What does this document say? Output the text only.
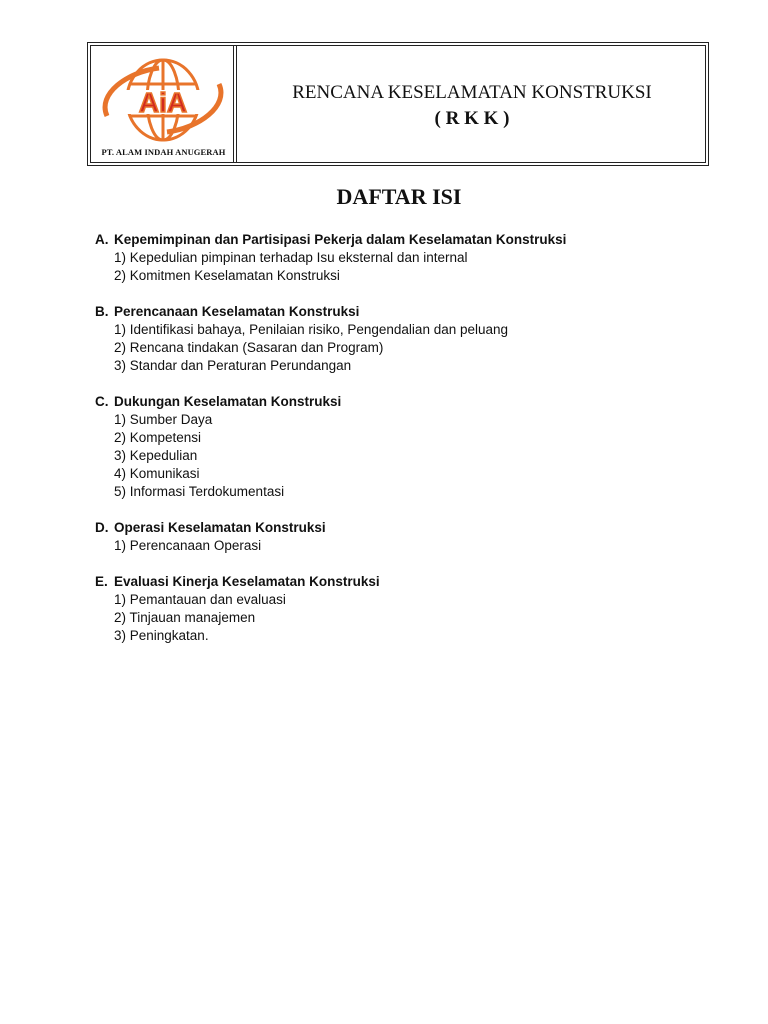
AiA
PT. ALAM INDAH ANUGERAH
RENCANA KESELAMATAN KONSTRUKSI
( R K K )
DAFTAR ISI
A. Kepemimpinan dan Partisipasi Pekerja dalam Keselamatan Konstruksi
1) Kepedulian pimpinan terhadap Isu eksternal dan internal
2) Komitmen Keselamatan Konstruksi
B. Perencanaan Keselamatan Konstruksi
1) Identifikasi bahaya, Penilaian risiko, Pengendalian dan peluang
2) Rencana tindakan (Sasaran dan Program)
3) Standar dan Peraturan Perundangan
C. Dukungan Keselamatan Konstruksi
1) Sumber Daya
2) Kompetensi
3) Kepedulian
4) Komunikasi
5) Informasi Terdokumentasi
D. Operasi Keselamatan Konstruksi
1) Perencanaan Operasi
E. Evaluasi Kinerja Keselamatan Konstruksi
1) Pemantauan dan evaluasi
2) Tinjauan manajemen
3) Peningkatan.
